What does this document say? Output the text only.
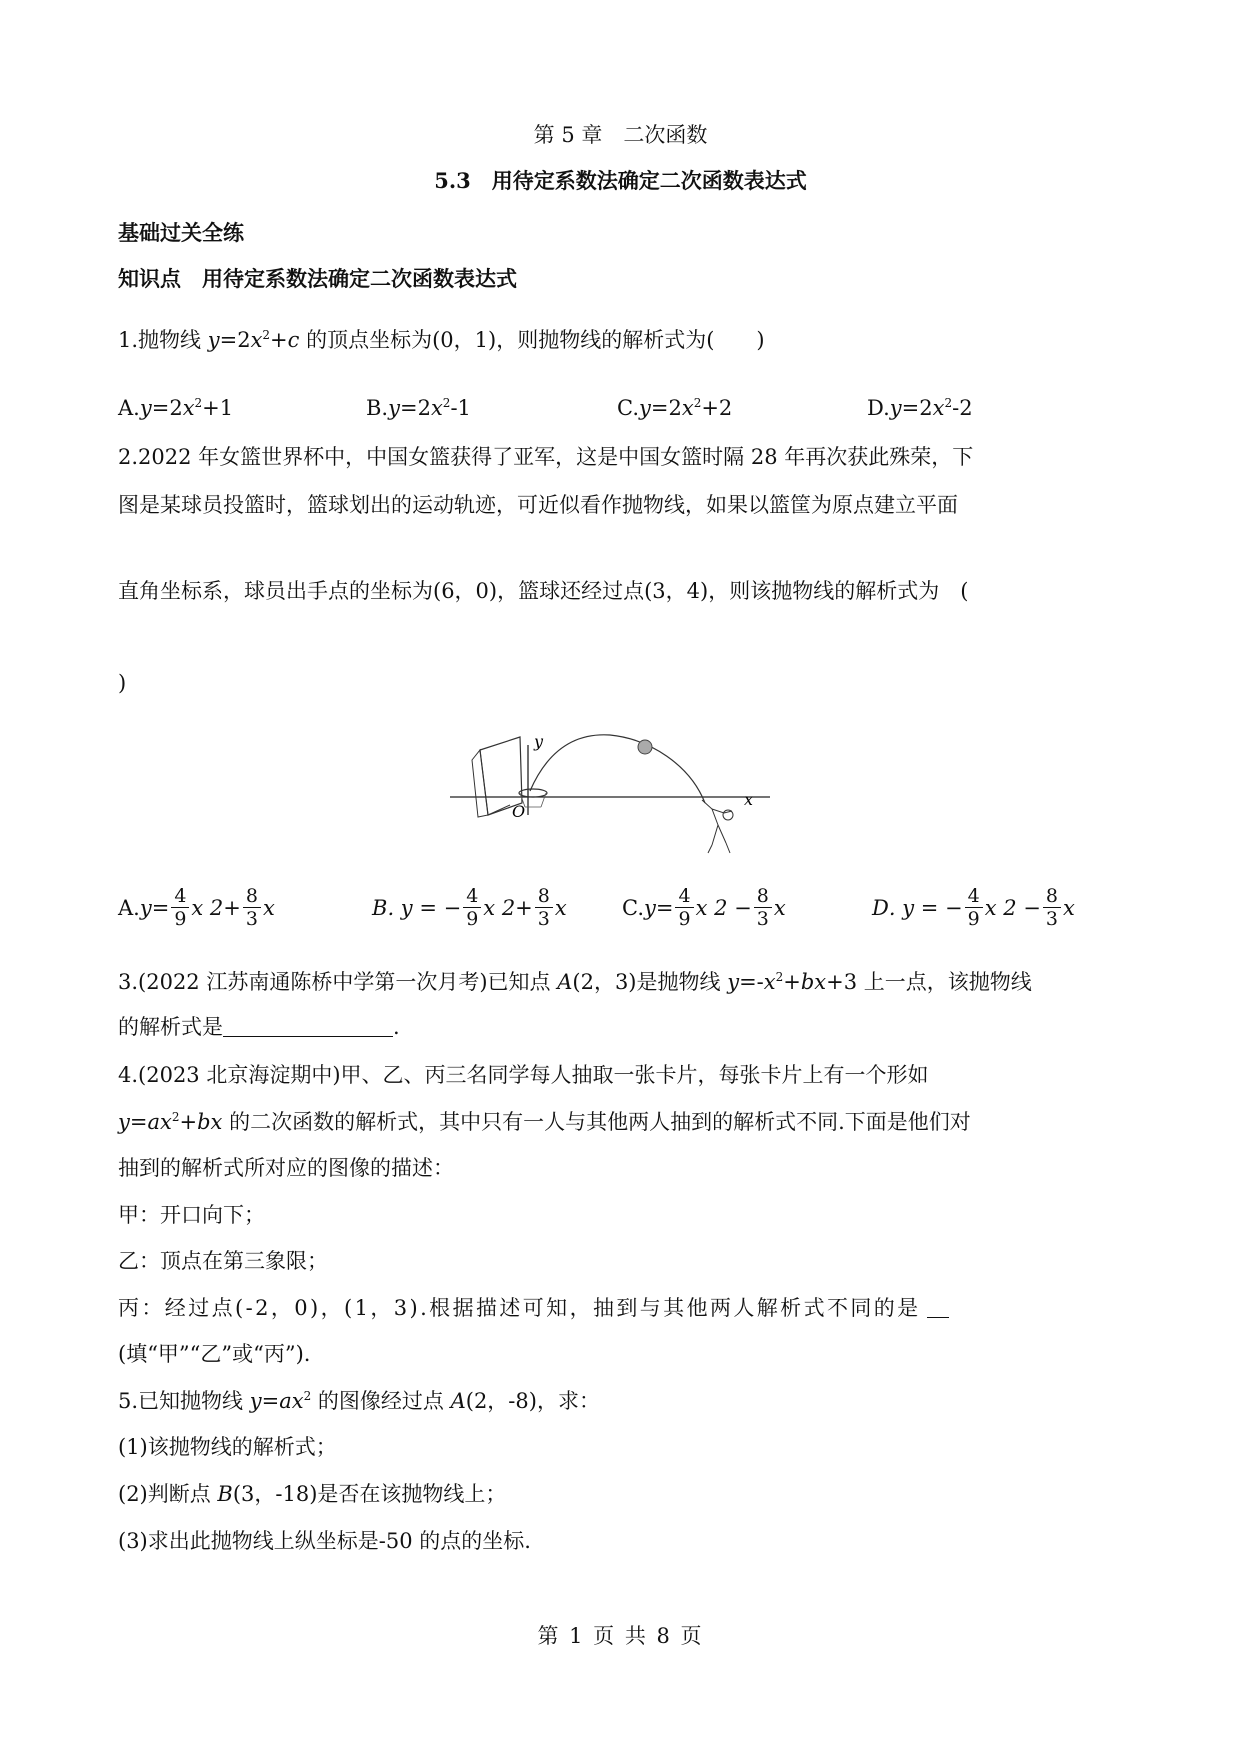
第 5 章　二次函数
5.3　用待定系数法确定二次函数表达式
基础过关全练
知识点　用待定系数法确定二次函数表达式
1.抛物线 $y=2x^2+c$ 的顶点坐标为(0，1)，则抛物线的解析式为(　　)
$A.y=2x^2+1$	$B.y=2x^2-1$	$C.y=2x^2+2$	$D.y=2x^2-2$
2.2022 年女篮世界杯中，中国女篮获得了亚军，这是中国女篮时隔 28 年再次获此殊荣，下
图是某球员投篮时，篮球划出的运动轨迹，可近似看作抛物线，如果以篮筐为原点建立平面
直角坐标系，球员出手点的坐标为(6，0)，篮球还经过点(3，4)，则该抛物线的解析式为　(
)
y
x
O
A. $y= \frac{4}{9}$ x $2+ \frac{8}{3}$ x	B . y = − $\frac{4}{9}$ x $2+ \frac{8}{3}$ x	C. $y= \frac{4}{9}$ x $2 - \frac{8}{3}$ x	D . y = − $\frac{4}{9}$ x $2 - \frac{8}{3}$ x
3.(2022 江苏南通陈桥中学第一次月考)已知点 A(2，3)是抛物线 $y=-x^2+bx+3$ 上一点，该抛物线
的解析式是	.
4.(2023 北京海淀期中)甲、乙、丙三名同学每人抽取一张卡片，每张卡片上有一个形如
$y=ax^2+bx$ 的二次函数的解析式，其中只有一人与其他两人抽到的解析式不同.下面是他们对
抽到的解析式所对应的图像的描述：
甲：开口向下；
乙：顶点在第三象限；
丙：经过点(-2，0)，(1，3).根据描述可知，抽到与其他两人解析式不同的是
(填“甲”“乙”或“丙”).
5.已知抛物线 $y=ax^2$ 的图像经过点 A(2，-8)，求：
(1)该抛物线的解析式；
(2)判断点 B(3，-18)是否在该抛物线上；
(3)求出此抛物线上纵坐标是-50 的点的坐标.
第 1 页 共 8 页
